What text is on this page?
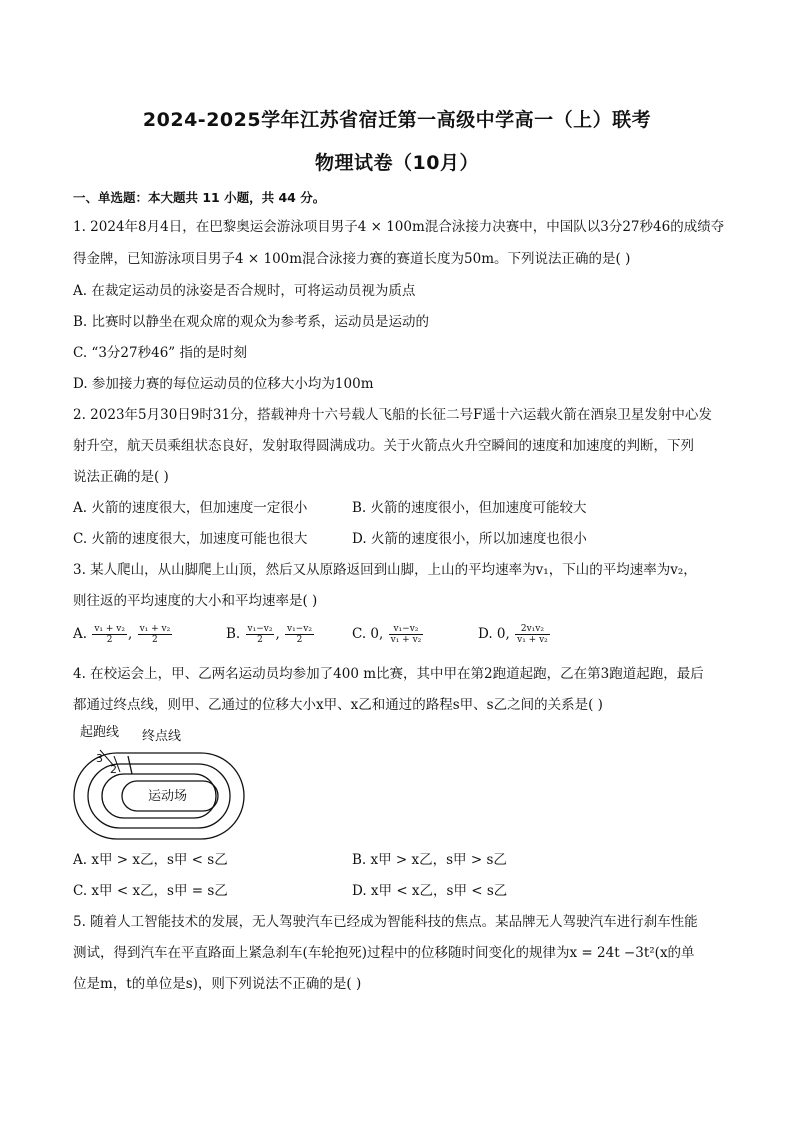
2024-2025学年江苏省宿迁第一高级中学高一（上）联考
物理试卷（10月）
一、单选题：本大题共 11 小题，共 44 分。
1. 2024年8月4日，在巴黎奥运会游泳项目男子4 × 100m混合泳接力决赛中，中国队以3分27秒46的成绩夺
得金牌，已知游泳项目男子4 × 100m混合泳接力赛的赛道长度为50m。下列说法正确的是( )
A. 在裁定运动员的泳姿是否合规时，可将运动员视为质点
B. 比赛时以静坐在观众席的观众为参考系，运动员是运动的
C. “3分27秒46” 指的是时刻
D. 参加接力赛的每位运动员的位移大小均为100m
2. 2023年5月30日9时31分，搭载神舟十六号载人飞船的长征二号F遥十六运载火箭在酒泉卫星发射中心发
射升空，航天员乘组状态良好，发射取得圆满成功。关于火箭点火升空瞬间的速度和加速度的判断，下列
说法正确的是( )
A. 火箭的速度很大，但加速度一定很小	B. 火箭的速度很小，但加速度可能较大
C. 火箭的速度很大，加速度可能也很大	D. 火箭的速度很小，所以加速度也很小
3. 某人爬山，从山脚爬上山顶，然后又从原路返回到山脚，上山的平均速率为v₁，下山的平均速率为v₂，
则往返的平均速度的大小和平均速率是( )
A. $\frac{\text{v₁ + v₂}}{2}$ , $\frac{\text{v₁ + v₂}}{2}$	B. $\frac{\text{v₁−v₂}}{2}$ , $\frac{\text{v₁−v₂}}{2}$	C. 0, $\frac{\text{v₁−v₂}}{\text{v₁ + v₂}}$	D. 0, $\frac{\text{2v₁v₂}}{\text{v₁ + v₂}}$
4. 在校运会上，甲、乙两名运动员均参加了400 m比赛，其中甲在第2跑道起跑，乙在第3跑道起跑，最后
都通过终点线，则甲、乙通过的位移大小x甲、x乙和通过的路程s甲、s乙之间的关系是( )
起跑线 终点线
3
2
运动场
A. x甲 > x乙，s甲 < s乙	B. x甲 > x乙，s甲 > s乙
C. x甲 < x乙，s甲 = s乙	D. x甲 < x乙，s甲 < s乙
5. 随着人工智能技术的发展，无人驾驶汽车已经成为智能科技的焦点。某品牌无人驾驶汽车进行刹车性能
测试，得到汽车在平直路面上紧急刹车(车轮抱死)过程中的位移随时间变化的规律为x = 24t −3t²(x的单
位是m，t的单位是s)，则下列说法不正确的是( )
